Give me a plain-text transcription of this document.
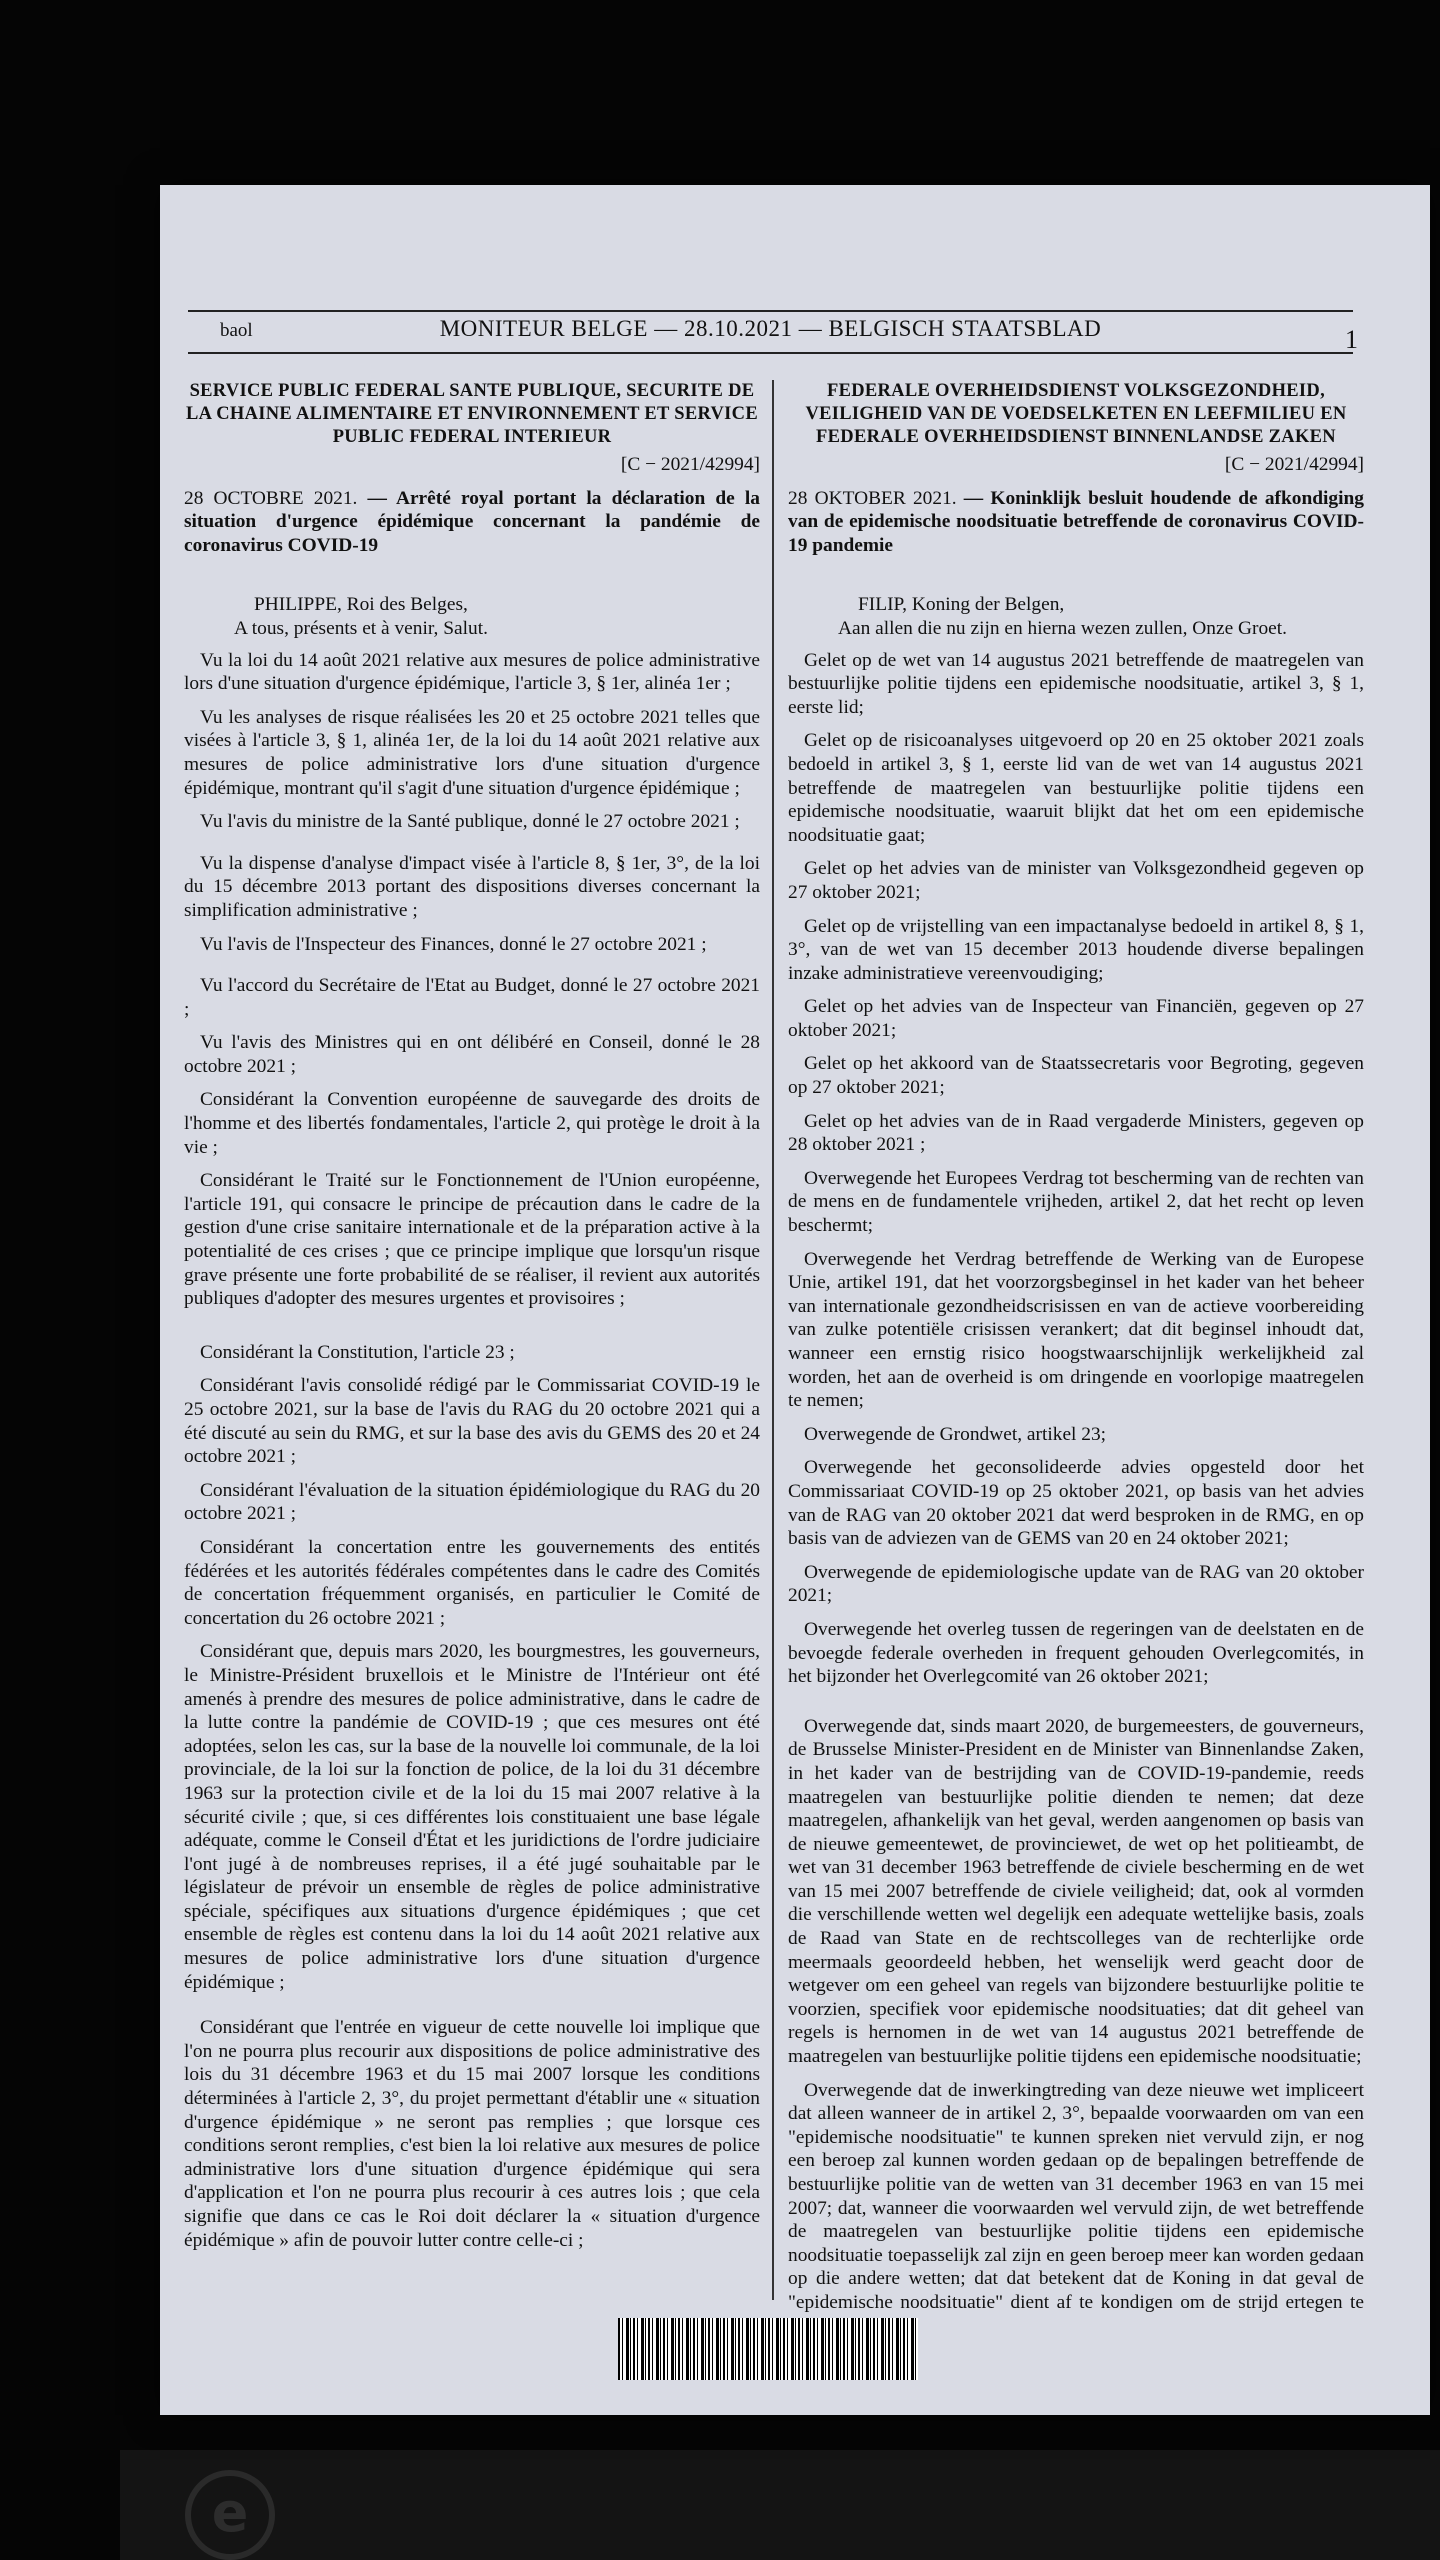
e
baol	MONITEUR BELGE — 28.10.2021 — BELGISCH STAATSBLAD	1

SERVICE PUBLIC FEDERAL SANTE PUBLIQUE, SECURITE DE LA CHAINE ALIMENTAIRE ET ENVIRONNEMENT ET SERVICE PUBLIC FEDERAL INTERIEUR

[C − 2021/42994]

28 OCTOBRE 2021. — Arrêté royal portant la déclaration de la situation d'urgence épidémique concernant la pandémie de coronavirus COVID-19

PHILIPPE, Roi des Belges,

A tous, présents et à venir, Salut.

Vu la loi du 14 août 2021 relative aux mesures de police administrative lors d'une situation d'urgence épidémique, l'article 3, § 1er, alinéa 1er ;

Vu les analyses de risque réalisées les 20 et 25 octobre 2021 telles que visées à l'article 3, § 1, alinéa 1er, de la loi du 14 août 2021 relative aux mesures de police administrative lors d'une situation d'urgence épidémique, montrant qu'il s'agit d'une situation d'urgence épidémique ;

Vu l'avis du ministre de la Santé publique, donné le 27 octobre 2021 ;

Vu la dispense d'analyse d'impact visée à l'article 8, § 1er, 3°, de la loi du 15 décembre 2013 portant des dispositions diverses concernant la simplification administrative ;

Vu l'avis de l'Inspecteur des Finances, donné le 27 octobre 2021 ;

Vu l'accord du Secrétaire de l'Etat au Budget, donné le 27 octobre 2021 ;

Vu l'avis des Ministres qui en ont délibéré en Conseil, donné le 28 octobre 2021 ;

Considérant la Convention européenne de sauvegarde des droits de l'homme et des libertés fondamentales, l'article 2, qui protège le droit à la vie ;

Considérant le Traité sur le Fonctionnement de l'Union européenne, l'article 191, qui consacre le principe de précaution dans le cadre de la gestion d'une crise sanitaire internationale et de la préparation active à la potentialité de ces crises ; que ce principe implique que lorsqu'un risque grave présente une forte probabilité de se réaliser, il revient aux autorités publiques d'adopter des mesures urgentes et provisoires ;

Considérant la Constitution, l'article 23 ;

Considérant l'avis consolidé rédigé par le Commissariat COVID-19 le 25 octobre 2021, sur la base de l'avis du RAG du 20 octobre 2021 qui a été discuté au sein du RMG, et sur la base des avis du GEMS des 20 et 24 octobre 2021 ;

Considérant l'évaluation de la situation épidémiologique du RAG du 20 octobre 2021 ;

Considérant la concertation entre les gouvernements des entités fédérées et les autorités fédérales compétentes dans le cadre des Comités de concertation fréquemment organisés, en particulier le Comité de concertation du 26 octobre 2021 ;

Considérant que, depuis mars 2020, les bourgmestres, les gouverneurs, le Ministre-Président bruxellois et le Ministre de l'Intérieur ont été amenés à prendre des mesures de police administrative, dans le cadre de la lutte contre la pandémie de COVID-19 ; que ces mesures ont été adoptées, selon les cas, sur la base de la nouvelle loi communale, de la loi provinciale, de la loi sur la fonction de police, de la loi du 31 décembre 1963 sur la protection civile et de la loi du 15 mai 2007 relative à la sécurité civile ; que, si ces différentes lois constituaient une base légale adéquate, comme le Conseil d'État et les juridictions de l'ordre judiciaire l'ont jugé à de nombreuses reprises, il a été jugé souhaitable par le législateur de prévoir un ensemble de règles de police administrative spéciale, spécifiques aux situations d'urgence épidémiques ; que cet ensemble de règles est contenu dans la loi du 14 août 2021 relative aux mesures de police administrative lors d'une situation d'urgence épidémique ;

Considérant que l'entrée en vigueur de cette nouvelle loi implique que l'on ne pourra plus recourir aux dispositions de police administrative des lois du 31 décembre 1963 et du 15 mai 2007 lorsque les conditions déterminées à l'article 2, 3°, du projet permettant d'établir une « situation d'urgence épidémique » ne seront pas remplies ; que lorsque ces conditions seront remplies, c'est bien la loi relative aux mesures de police administrative lors d'une situation d'urgence épidémique qui sera d'application et l'on ne pourra plus recourir à ces autres lois ; que cela signifie que dans ce cas le Roi doit déclarer la « situation d'urgence épidémique » afin de pouvoir lutter contre celle-ci ;

FEDERALE OVERHEIDSDIENST VOLKSGEZONDHEID, VEILIGHEID VAN DE VOEDSELKETEN EN LEEFMILIEU EN FEDERALE OVERHEIDSDIENST BINNENLANDSE ZAKEN

[C − 2021/42994]

28 OKTOBER 2021. — Koninklijk besluit houdende de afkondiging van de epidemische noodsituatie betreffende de coronavirus COVID-19 pandemie

FILIP, Koning der Belgen,

Aan allen die nu zijn en hierna wezen zullen, Onze Groet.

Gelet op de wet van 14 augustus 2021 betreffende de maatregelen van bestuurlijke politie tijdens een epidemische noodsituatie, artikel 3, § 1, eerste lid;

Gelet op de risicoanalyses uitgevoerd op 20 en 25 oktober 2021 zoals bedoeld in artikel 3, § 1, eerste lid van de wet van 14 augustus 2021 betreffende de maatregelen van bestuurlijke politie tijdens een epidemische noodsituatie, waaruit blijkt dat het om een epidemische noodsituatie gaat;

Gelet op het advies van de minister van Volksgezondheid gegeven op 27 oktober 2021;

Gelet op de vrijstelling van een impactanalyse bedoeld in artikel 8, § 1, 3°, van de wet van 15 december 2013 houdende diverse bepalingen inzake administratieve vereenvoudiging;

Gelet op het advies van de Inspecteur van Financiën, gegeven op 27 oktober 2021;

Gelet op het akkoord van de Staatssecretaris voor Begroting, gegeven op 27 oktober 2021;

Gelet op het advies van de in Raad vergaderde Ministers, gegeven op 28 oktober 2021 ;

Overwegende het Europees Verdrag tot bescherming van de rechten van de mens en de fundamentele vrijheden, artikel 2, dat het recht op leven beschermt;

Overwegende het Verdrag betreffende de Werking van de Europese Unie, artikel 191, dat het voorzorgsbeginsel in het kader van het beheer van internationale gezondheidscrisissen en van de actieve voorbereiding van zulke potentiële crisissen verankert; dat dit beginsel inhoudt dat, wanneer een ernstig risico hoogstwaarschijnlijk werkelijkheid zal worden, het aan de overheid is om dringende en voorlopige maatregelen te nemen;

Overwegende de Grondwet, artikel 23;

Overwegende het geconsolideerde advies opgesteld door het Commissariaat COVID-19 op 25 oktober 2021, op basis van het advies van de RAG van 20 oktober 2021 dat werd besproken in de RMG, en op basis van de adviezen van de GEMS van 20 en 24 oktober 2021;

Overwegende de epidemiologische update van de RAG van 20 oktober 2021;

Overwegende het overleg tussen de regeringen van de deelstaten en de bevoegde federale overheden in frequent gehouden Overlegcomités, in het bijzonder het Overlegcomité van 26 oktober 2021;

Overwegende dat, sinds maart 2020, de burgemeesters, de gouverneurs, de Brusselse Minister-President en de Minister van Binnenlandse Zaken, in het kader van de bestrijding van de COVID-19-pandemie, reeds maatregelen van bestuurlijke politie dienden te nemen; dat deze maatregelen, afhankelijk van het geval, werden aangenomen op basis van de nieuwe gemeentewet, de provinciewet, de wet op het politieambt, de wet van 31 december 1963 betreffende de civiele bescherming en de wet van 15 mei 2007 betreffende de civiele veiligheid; dat, ook al vormden die verschillende wetten wel degelijk een adequate wettelijke basis, zoals de Raad van State en de rechtscolleges van de rechterlijke orde meermaals geoordeeld hebben, het wenselijk werd geacht door de wetgever om een geheel van regels van bijzondere bestuurlijke politie te voorzien, specifiek voor epidemische noodsituaties; dat dit geheel van regels is hernomen in de wet van 14 augustus 2021 betreffende de maatregelen van bestuurlijke politie tijdens een epidemische noodsituatie;

Overwegende dat de inwerkingtreding van deze nieuwe wet impliceert dat alleen wanneer de in artikel 2, 3°, bepaalde voorwaarden om van een "epidemische noodsituatie" te kunnen spreken niet vervuld zijn, er nog een beroep zal kunnen worden gedaan op de bepalingen betreffende de bestuurlijke politie van de wetten van 31 december 1963 en van 15 mei 2007; dat, wanneer die voorwaarden wel vervuld zijn, de wet betreffende de maatregelen van bestuurlijke politie tijdens een epidemische noodsituatie toepasselijk zal zijn en geen beroep meer kan worden gedaan op die andere wetten; dat dat betekent dat de Koning in dat geval de "epidemische noodsituatie" dient af te kondigen om de strijd ertegen te
